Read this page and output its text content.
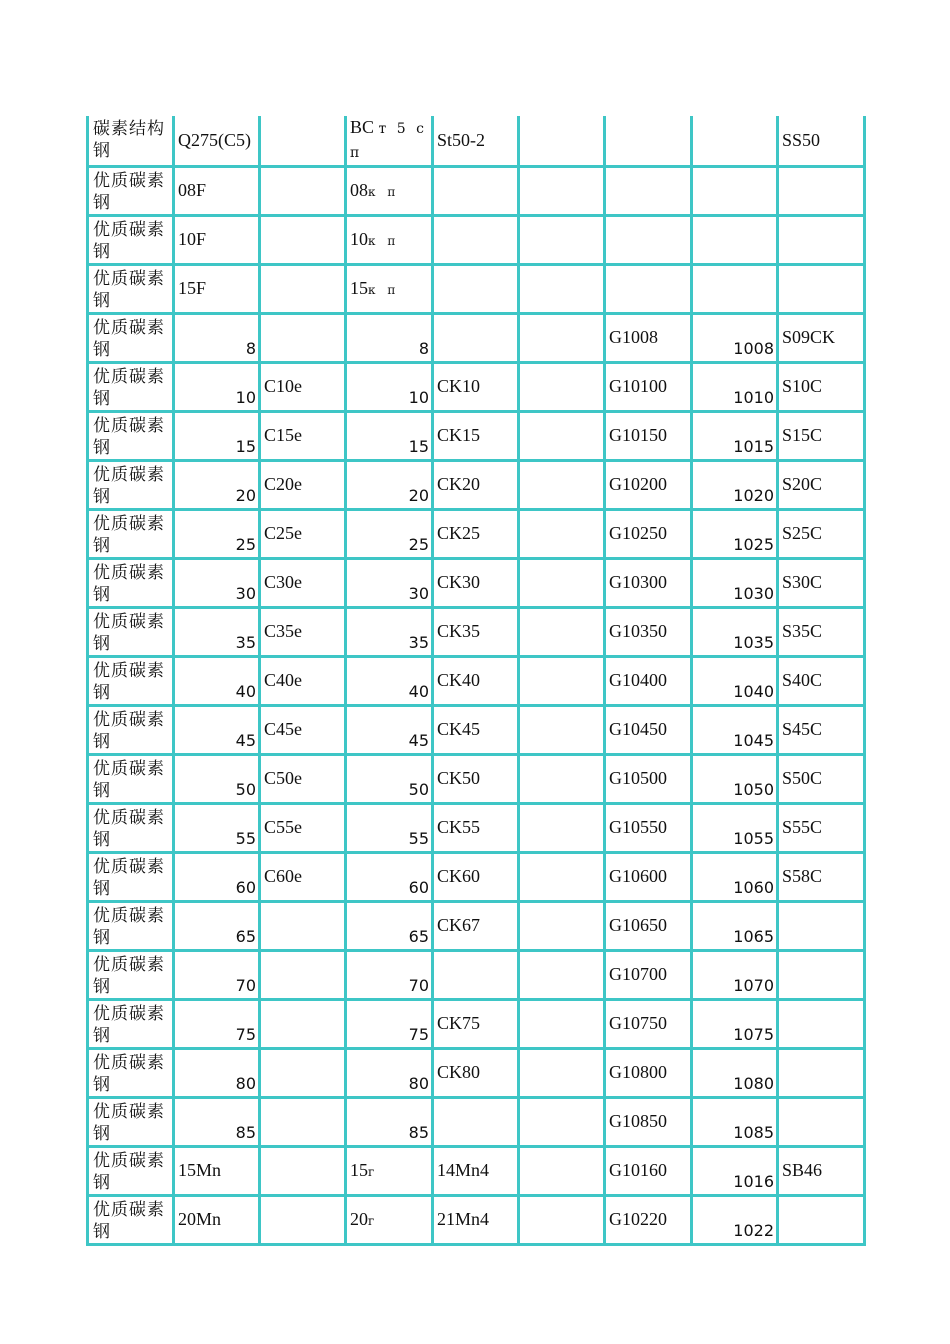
碳素结构钢	Q275(C5)		BC т 5 с п	St50-2				SS50
优质碳素钢	08F		08к п					
优质碳素钢	10F		10к п					
优质碳素钢	15F		15к п					
优质碳素钢	8		8			G1008	1008	S09CK
优质碳素钢	10	C10e	10	CK10		G10100	1010	S10C
优质碳素钢	15	C15e	15	CK15		G10150	1015	S15C
优质碳素钢	20	C20e	20	CK20		G10200	1020	S20C
优质碳素钢	25	C25e	25	CK25		G10250	1025	S25C
优质碳素钢	30	C30e	30	CK30		G10300	1030	S30C
优质碳素钢	35	C35e	35	CK35		G10350	1035	S35C
优质碳素钢	40	C40e	40	CK40		G10400	1040	S40C
优质碳素钢	45	C45e	45	CK45		G10450	1045	S45C
优质碳素钢	50	C50e	50	CK50		G10500	1050	S50C
优质碳素钢	55	C55e	55	CK55		G10550	1055	S55C
优质碳素钢	60	C60e	60	CK60		G10600	1060	S58C
优质碳素钢	65		65	CK67		G10650	1065	
优质碳素钢	70		70			G10700	1070	
优质碳素钢	75		75	CK75		G10750	1075	
优质碳素钢	80		80	CK80		G10800	1080	
优质碳素钢	85		85			G10850	1085	
优质碳素钢	15Mn		15г	14Mn4		G10160	1016	SB46
优质碳素钢	20Mn		20г	21Mn4		G10220	1022	
